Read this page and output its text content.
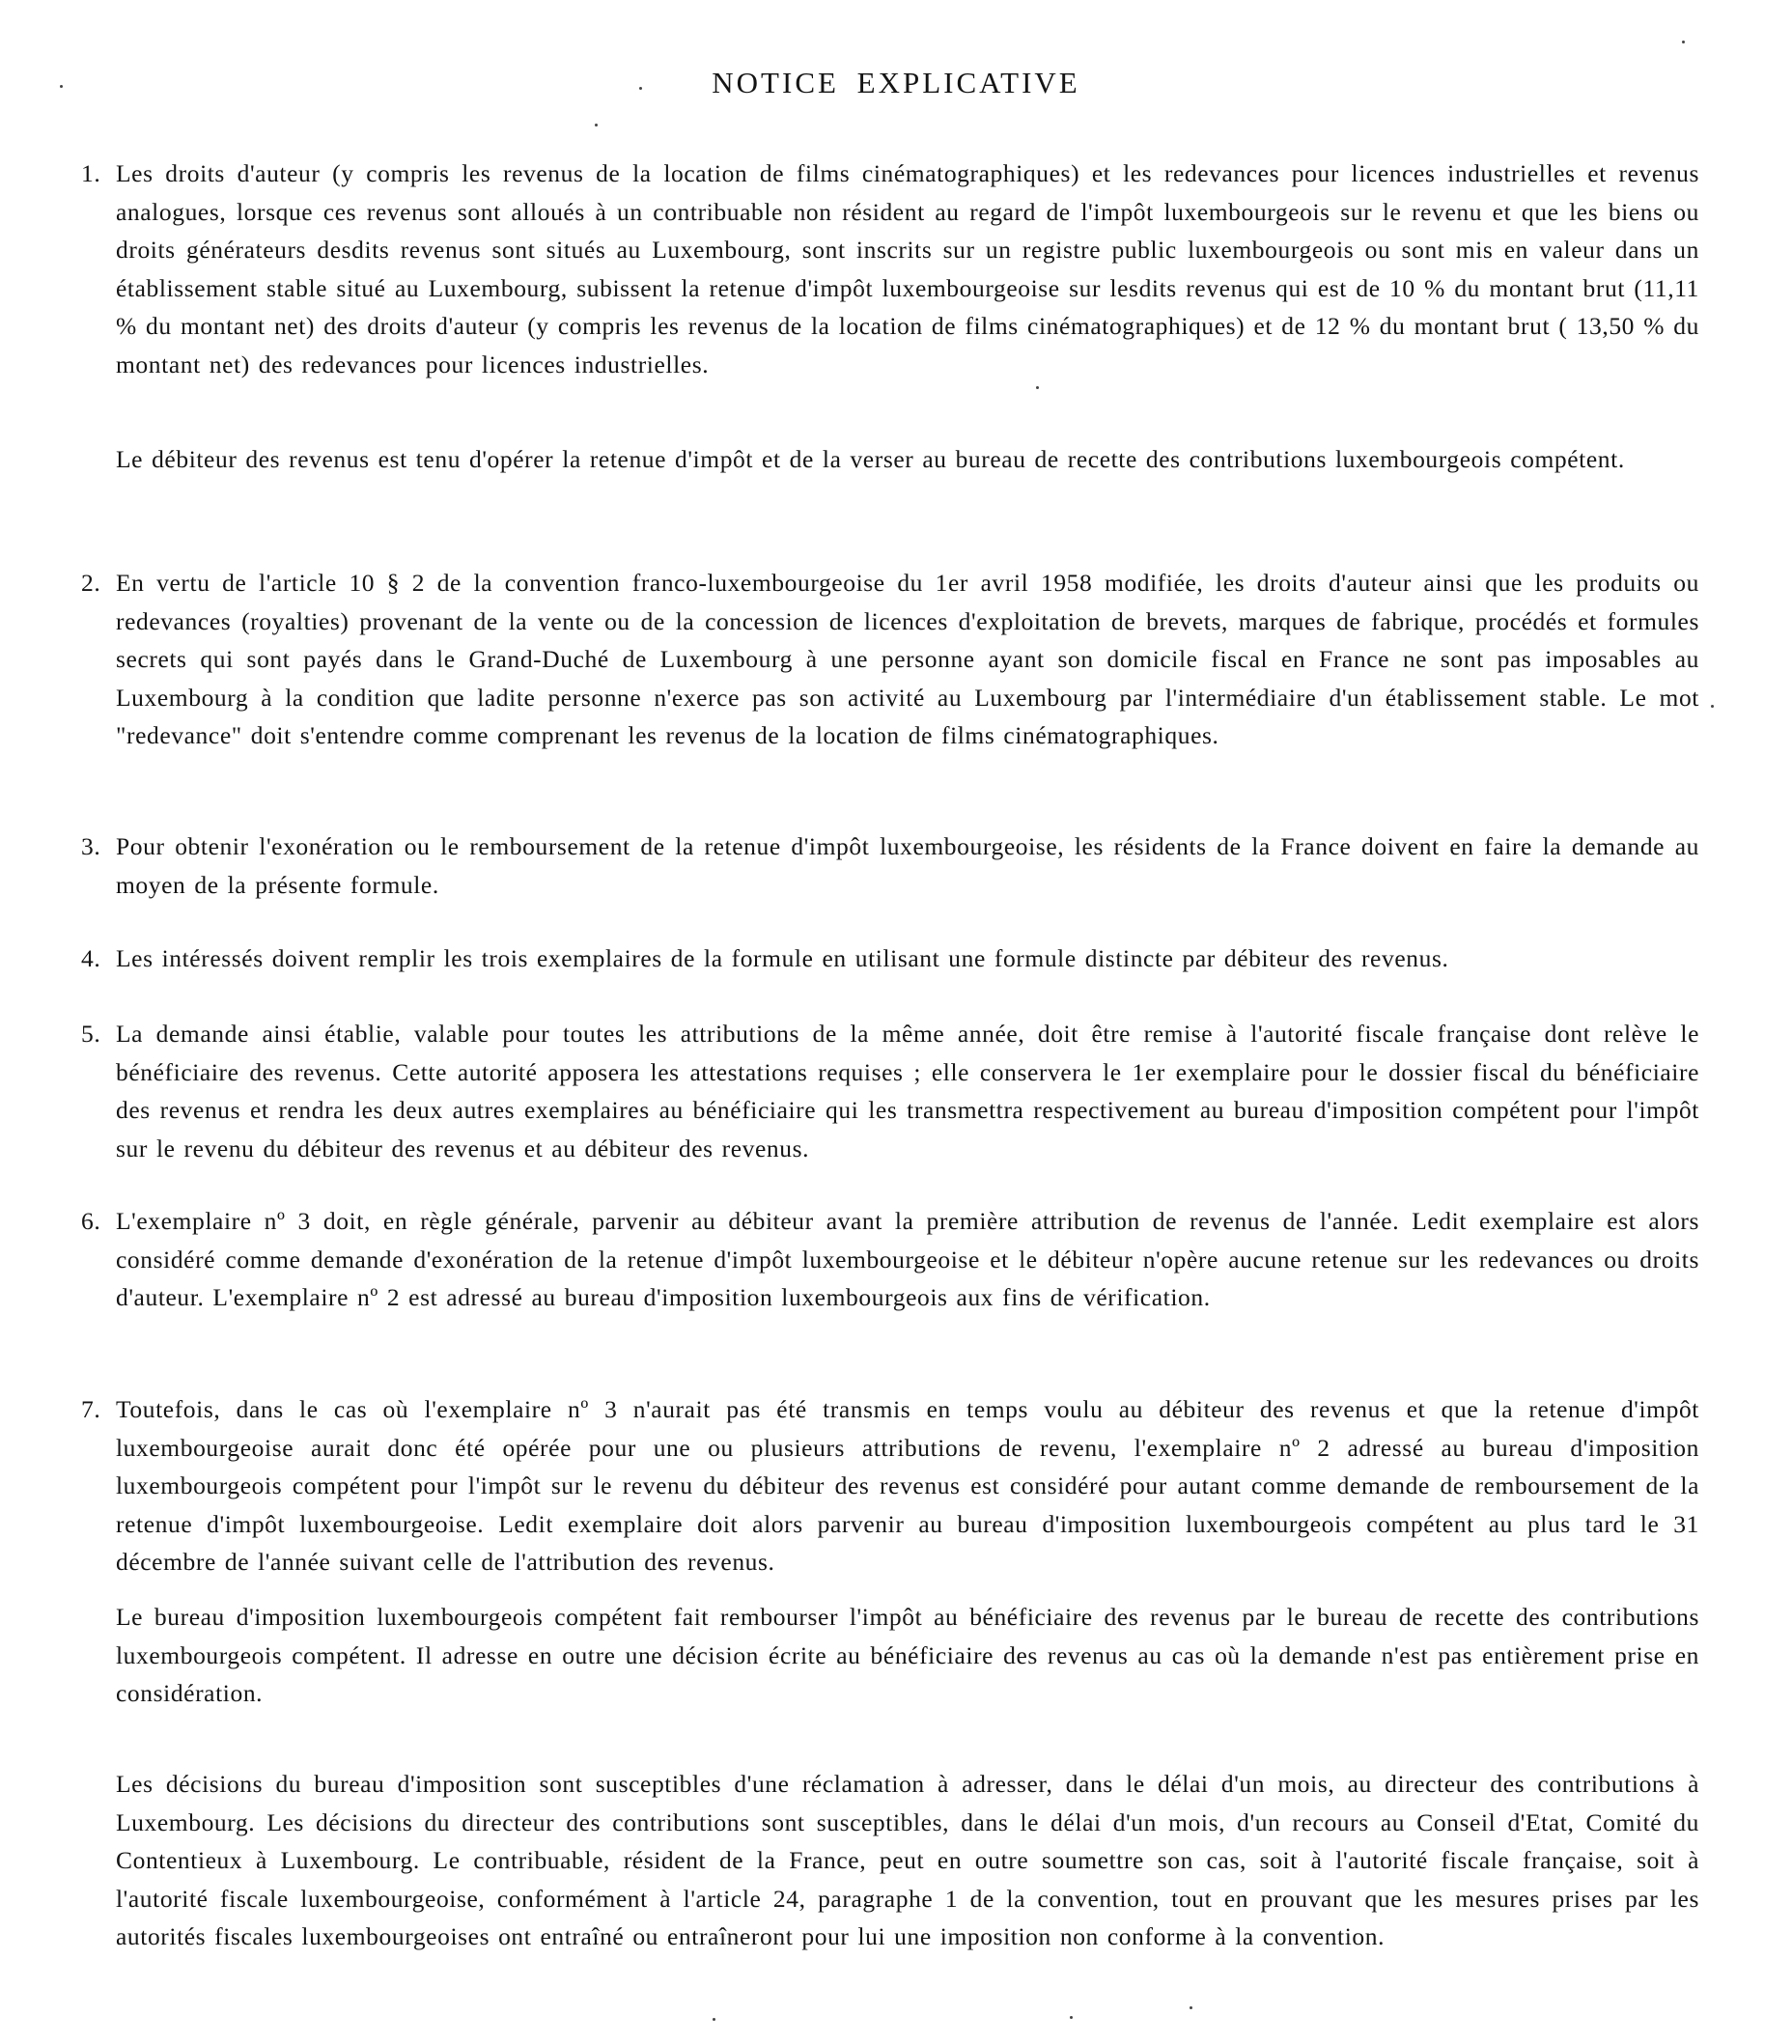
NOTICE EXPLICATIVE
1. Les droits d'auteur (y compris les revenus de la location de films cinématographiques) et les redevances pour licences industrielles et revenus analogues, lorsque ces revenus sont alloués à un contribuable non résident au regard de l'impôt luxembourgeois sur le revenu et que les biens ou droits générateurs desdits revenus sont situés au Luxembourg, sont inscrits sur un registre public luxembourgeois ou sont mis en valeur dans un établissement stable situé au Luxembourg, subissent la retenue d'impôt luxembourgeoise sur lesdits revenus qui est de 10 % du montant brut (11,11 % du montant net) des droits d'auteur (y compris les revenus de la location de films cinématographiques) et de 12 % du montant brut ( 13,50 % du montant net) des redevances pour licences industrielles.
Le débiteur des revenus est tenu d'opérer la retenue d'impôt et de la verser au bureau de recette des contributions luxembourgeois compétent.
2. En vertu de l'article 10 § 2 de la convention franco-luxembourgeoise du 1er avril 1958 modifiée, les droits d'auteur ainsi que les produits ou redevances (royalties) provenant de la vente ou de la concession de licences d'exploitation de brevets, marques de fabrique, procédés et formules secrets qui sont payés dans le Grand-Duché de Luxembourg à une personne ayant son domicile fiscal en France ne sont pas imposables au Luxembourg à la condition que ladite personne n'exerce pas son activité au Luxembourg par l'intermédiaire d'un établissement stable. Le mot "redevance" doit s'entendre comme comprenant les revenus de la location de films cinématographiques.
3. Pour obtenir l'exonération ou le remboursement de la retenue d'impôt luxembourgeoise, les résidents de la France doivent en faire la demande au moyen de la présente formule.
4. Les intéressés doivent remplir les trois exemplaires de la formule en utilisant une formule distincte par débiteur des revenus.
5. La demande ainsi établie, valable pour toutes les attributions de la même année, doit être remise à l'autorité fiscale française dont relève le bénéficiaire des revenus. Cette autorité apposera les attestations requises ; elle conservera le 1er exemplaire pour le dossier fiscal du bénéficiaire des revenus et rendra les deux autres exemplaires au bénéficiaire qui les transmettra respectivement au bureau d'imposition compétent pour l'impôt sur le revenu du débiteur des revenus et au débiteur des revenus.
6. L'exemplaire nº 3 doit, en règle générale, parvenir au débiteur avant la première attribution de revenus de l'année. Ledit exemplaire est alors considéré comme demande d'exonération de la retenue d'impôt luxembourgeoise et le débiteur n'opère aucune retenue sur les redevances ou droits d'auteur. L'exemplaire nº 2 est adressé au bureau d'imposition luxembourgeois aux fins de vérification.
7. Toutefois, dans le cas où l'exemplaire nº 3 n'aurait pas été transmis en temps voulu au débiteur des revenus et que la retenue d'impôt luxembourgeoise aurait donc été opérée pour une ou plusieurs attributions de revenu, l'exemplaire nº 2 adressé au bureau d'imposition luxembourgeois compétent pour l'impôt sur le revenu du débiteur des revenus est considéré pour autant comme demande de remboursement de la retenue d'impôt luxembourgeoise. Ledit exemplaire doit alors parvenir au bureau d'imposition luxembourgeois compétent au plus tard le 31 décembre de l'année suivant celle de l'attribution des revenus.
Le bureau d'imposition luxembourgeois compétent fait rembourser l'impôt au bénéficiaire des revenus par le bureau de recette des contributions luxembourgeois compétent. Il adresse en outre une décision écrite au bénéficiaire des revenus au cas où la demande n'est pas entièrement prise en considération.
Les décisions du bureau d'imposition sont susceptibles d'une réclamation à adresser, dans le délai d'un mois, au directeur des contributions à Luxembourg. Les décisions du directeur des contributions sont susceptibles, dans le délai d'un mois, d'un recours au Conseil d'Etat, Comité du Contentieux à Luxembourg. Le contribuable, résident de la France, peut en outre soumettre son cas, soit à l'autorité fiscale française, soit à l'autorité fiscale luxembourgeoise, conformément à l'article 24, paragraphe 1 de la convention, tout en prouvant que les mesures prises par les autorités fiscales luxembourgeoises ont entraîné ou entraîneront pour lui une imposition non conforme à la convention.
